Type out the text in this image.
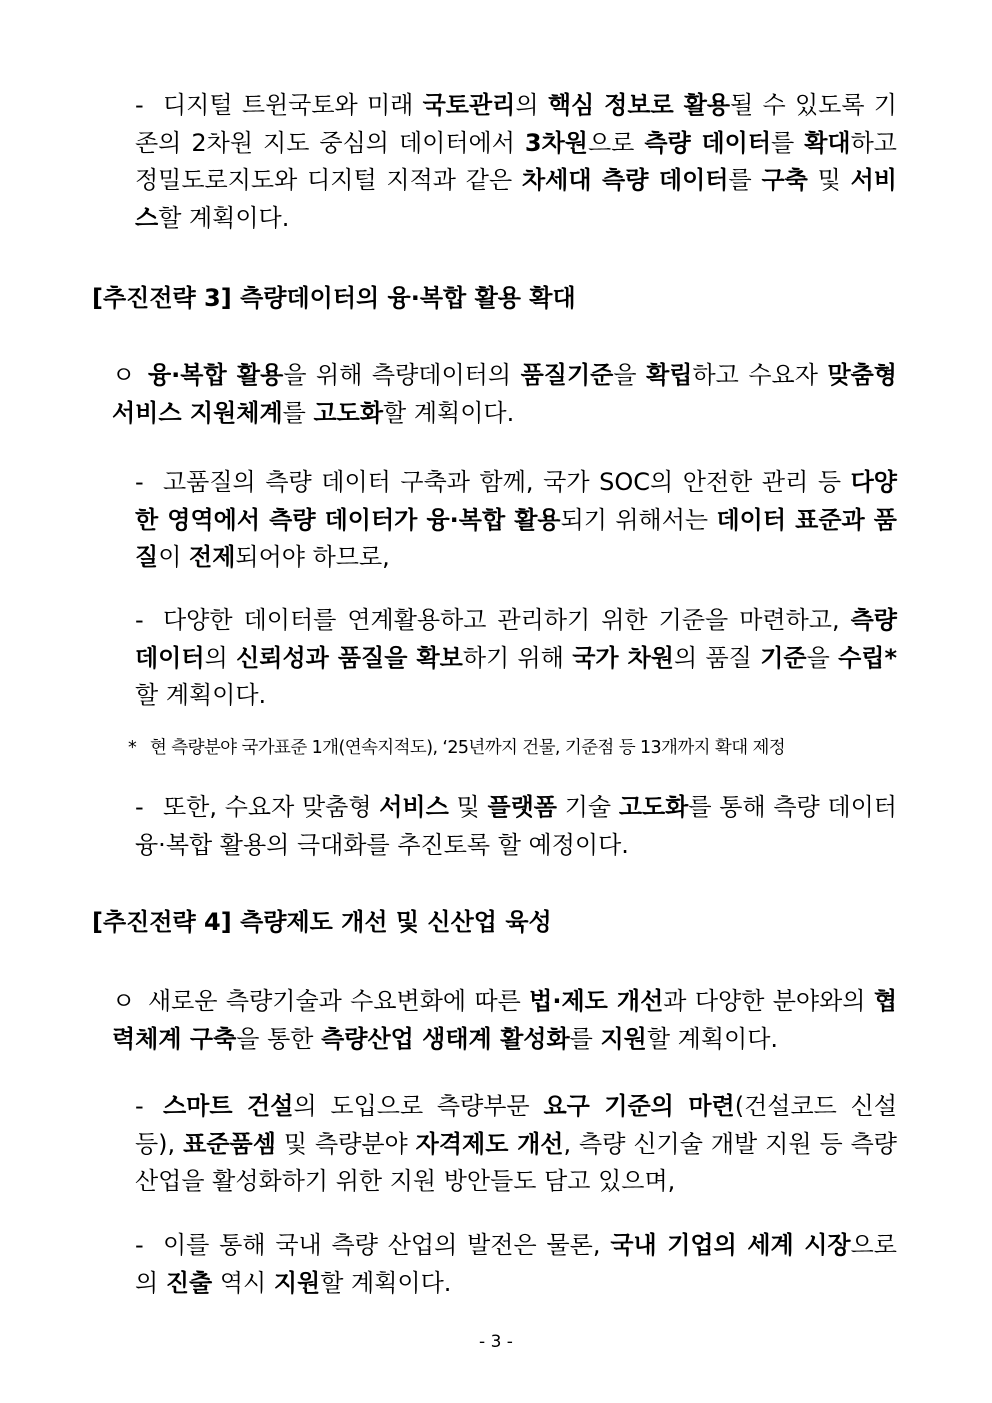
- 디지털 트윈국토와 미래 국토관리의 핵심 정보로 활용될 수 있도록 기존의 2차원 지도 중심의 데이터에서 3차원으로 측량 데이터를 확대하고 정밀도로지도와 디지털 지적과 같은 차세대 측량 데이터를 구축 및 서비스할 계획이다.
[추진전략 3] 측량데이터의 융·복합 활용 확대
ㅇ 융·복합 활용을 위해 측량데이터의 품질기준을 확립하고 수요자 맞춤형 서비스 지원체계를 고도화할 계획이다.
- 고품질의 측량 데이터 구축과 함께, 국가 SOC의 안전한 관리 등 다양한 영역에서 측량 데이터가 융·복합 활용되기 위해서는 데이터 표준과 품질이 전제되어야 하므로,
- 다양한 데이터를 연계활용하고 관리하기 위한 기준을 마련하고, 측량 데이터의 신뢰성과 품질을 확보하기 위해 국가 차원의 품질 기준을 수립*할 계획이다.
* 현 측량분야 국가표준 1개(연속지적도), ‘25년까지 건물, 기준점 등 13개까지 확대 제정
- 또한, 수요자 맞춤형 서비스 및 플랫폼 기술 고도화를 통해 측량 데이터 융·복합 활용의 극대화를 추진토록 할 예정이다.
[추진전략 4] 측량제도 개선 및 신산업 육성
ㅇ 새로운 측량기술과 수요변화에 따른 법·제도 개선과 다양한 분야와의 협력체계 구축을 통한 측량산업 생태계 활성화를 지원할 계획이다.
- 스마트 건설의 도입으로 측량부문 요구 기준의 마련(건설코드 신설 등), 표준품셈 및 측량분야 자격제도 개선, 측량 신기술 개발 지원 등 측량 산업을 활성화하기 위한 지원 방안들도 담고 있으며,
- 이를 통해 국내 측량 산업의 발전은 물론, 국내 기업의 세계 시장으로의 진출 역시 지원할 계획이다.
- 3 -
